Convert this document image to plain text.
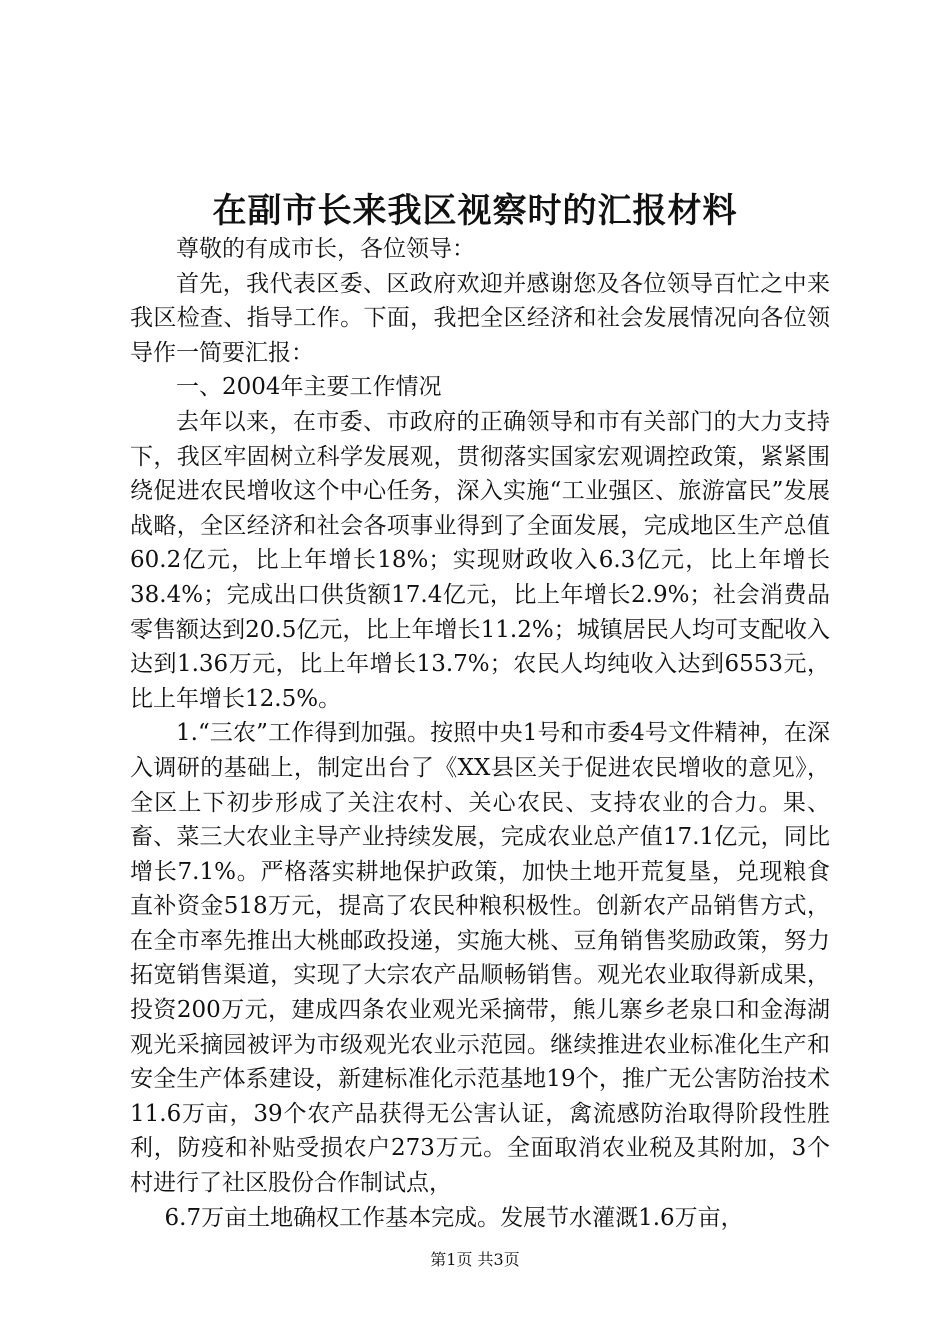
在副市长来我区视察时的汇报材料

尊敬的有成市长，各位领导：

首先，我代表区委、区政府欢迎并感谢您及各位领导百忙之中来我区检查、指导工作。下面，我把全区经济和社会发展情况向各位领导作一简要汇报：

一、2004年主要工作情况

去年以来，在市委、市政府的正确领导和市有关部门的大力支持下，我区牢固树立科学发展观，贯彻落实国家宏观调控政策，紧紧围绕促进农民增收这个中心任务，深入实施“工业强区、旅游富民”发展战略，全区经济和社会各项事业得到了全面发展，完成地区生产总值60.2亿元，比上年增长18%；实现财政收入6.3亿元，比上年增长38.4%；完成出口供货额17.4亿元，比上年增长2.9%；社会消费品零售额达到20.5亿元，比上年增长11.2%；城镇居民人均可支配收入达到1.36万元，比上年增长13.7%；农民人均纯收入达到6553元，比上年增长12.5%。

1.“三农”工作得到加强。按照中央1号和市委4号文件精神，在深入调研的基础上，制定出台了《XX县区关于促进农民增收的意见》，全区上下初步形成了关注农村、关心农民、支持农业的合力。果、畜、菜三大农业主导产业持续发展，完成农业总产值17.1亿元，同比增长7.1%。严格落实耕地保护政策，加快土地开荒复垦，兑现粮食直补资金518万元，提高了农民种粮积极性。创新农产品销售方式，在全市率先推出大桃邮政投递，实施大桃、豆角销售奖励政策，努力拓宽销售渠道，实现了大宗农产品顺畅销售。观光农业取得新成果，投资200万元，建成四条农业观光采摘带，熊儿寨乡老泉口和金海湖观光采摘园被评为市级观光农业示范园。继续推进农业标准化生产和安全生产体系建设，新建标准化示范基地19个，推广无公害防治技术11.6万亩，39个农产品获得无公害认证，禽流感防治取得阶段性胜利，防疫和补贴受损农户273万元。全面取消农业税及其附加，3个村进行了社区股份合作制试点，

6.7万亩土地确权工作基本完成。发展节水灌溉1.6万亩，

第1页 共3页
